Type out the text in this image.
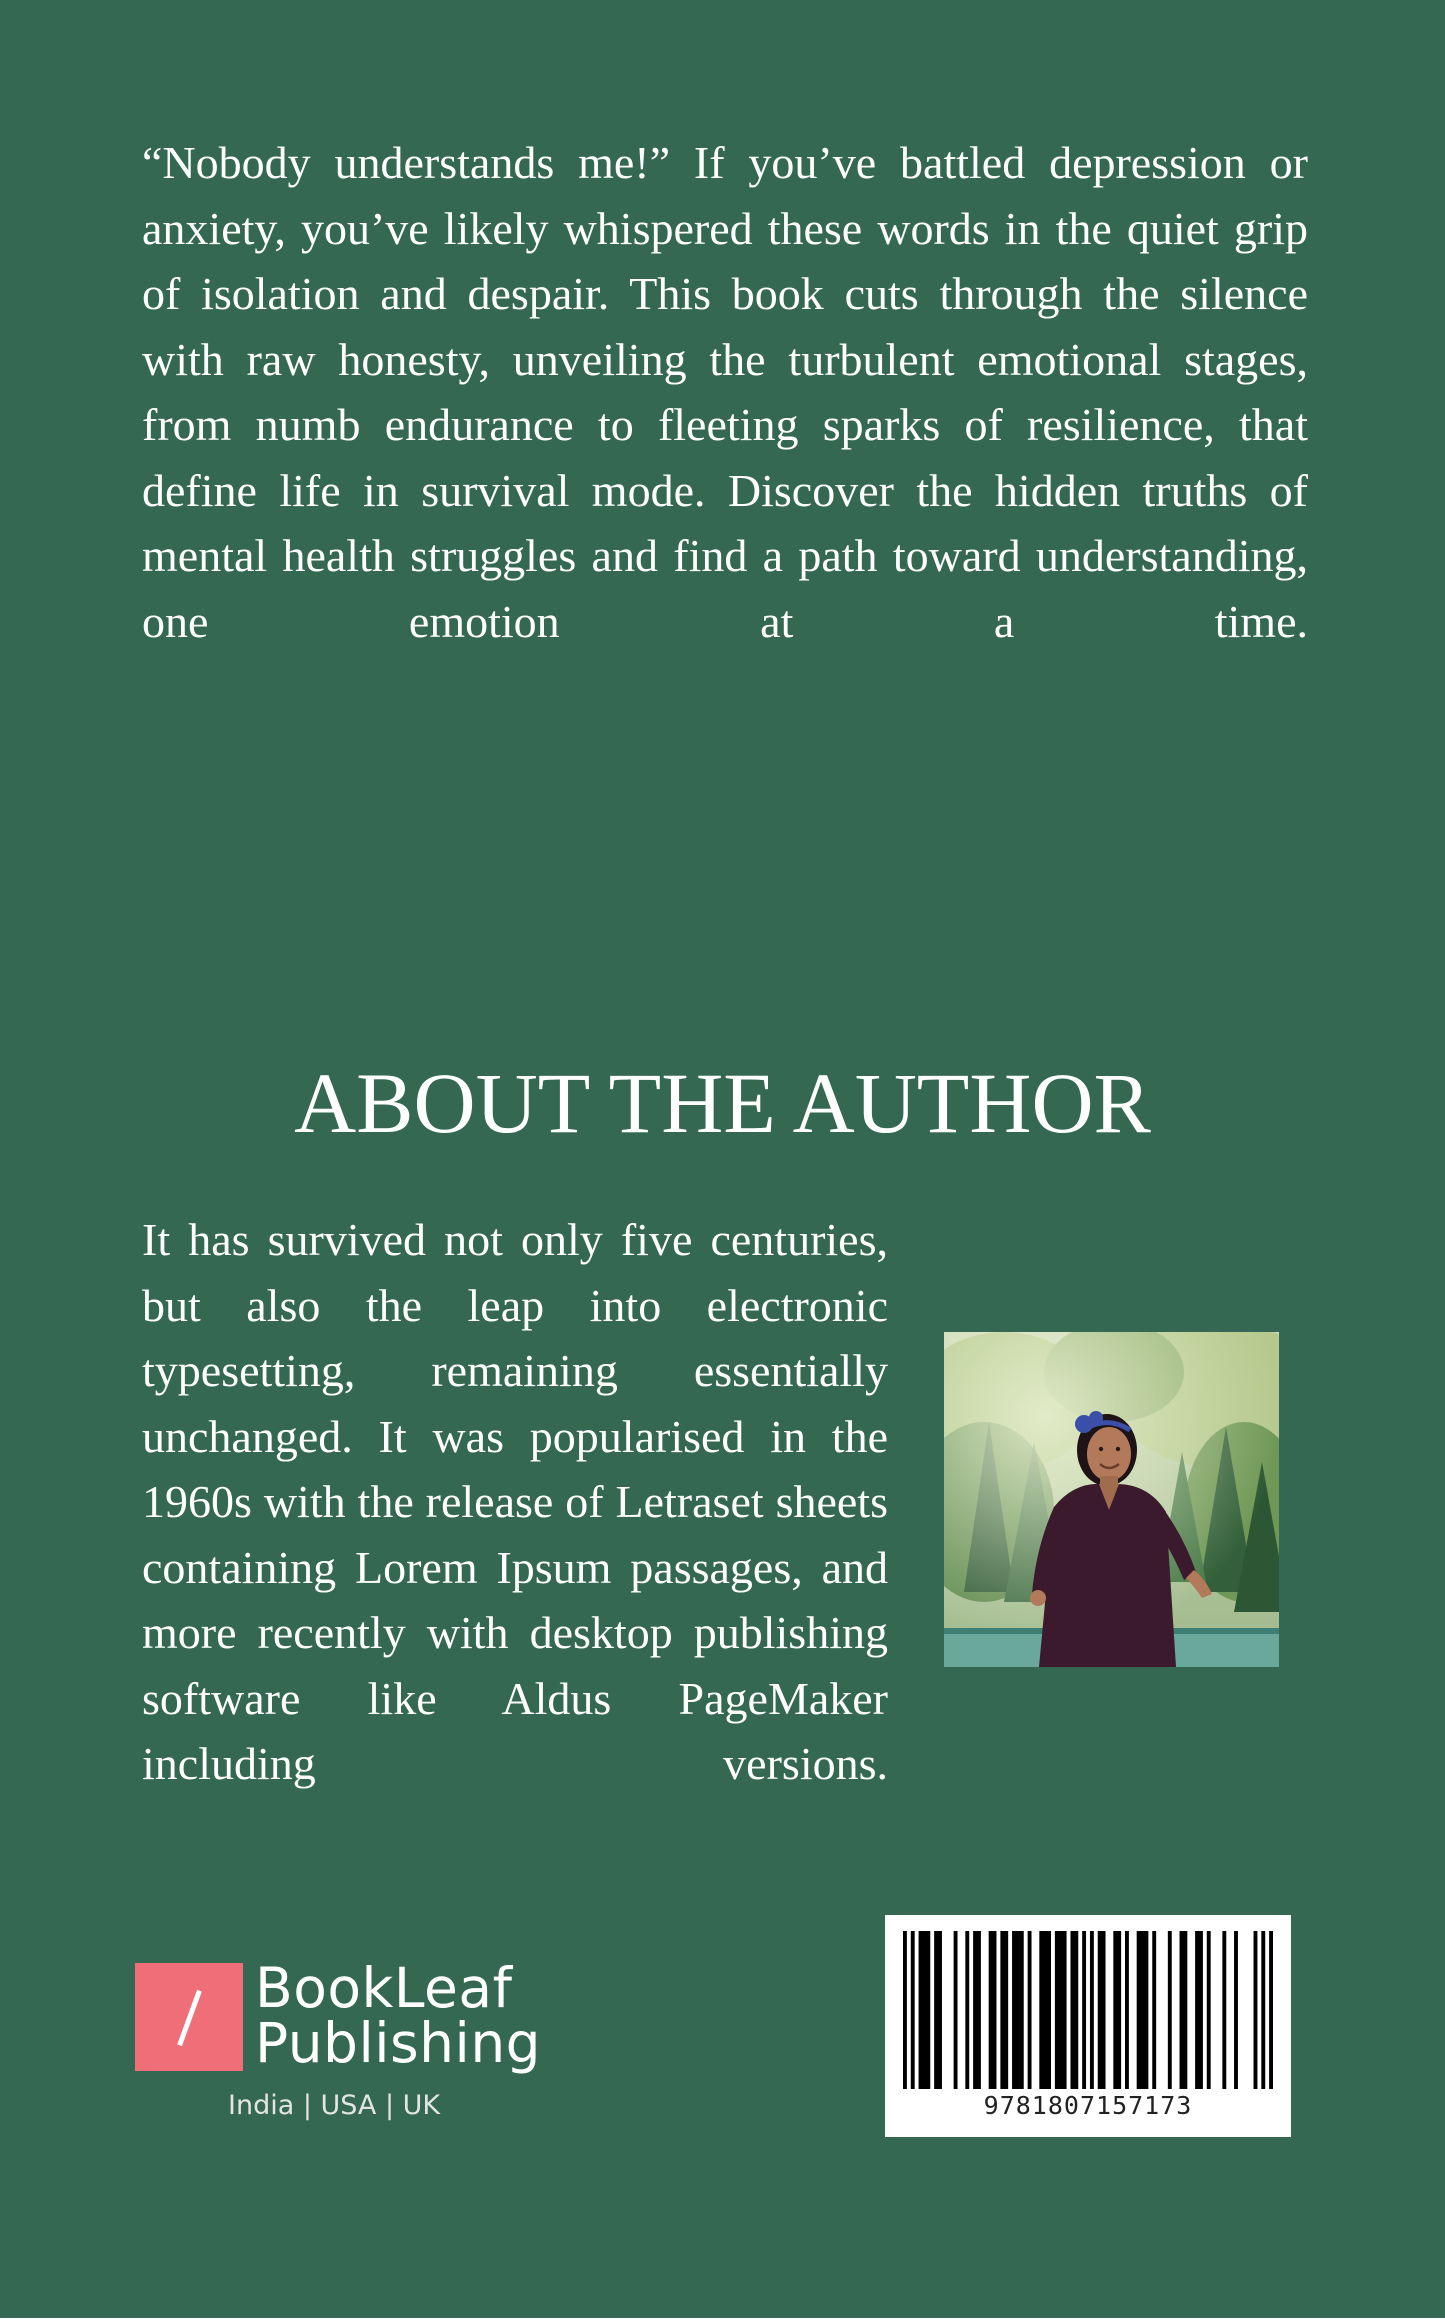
“Nobody understands me!” If you’ve battled depression or anxiety, you’ve likely whispered these words in the quiet grip of isolation and despair. This book cuts through the silence with raw honesty, unveiling the turbulent emotional stages, from numb endurance to fleeting sparks of resilience, that define life in survival mode. Discover the hidden truths of mental health struggles and find a path toward understanding, one emotion at a time.

ABOUT THE AUTHOR

It has survived not only five centuries, but also the leap into electronic typesetting, remaining essentially unchanged. It was popularised in the 1960s with the release of Letraset sheets containing Lorem Ipsum passages, and more recently with desktop publishing software like Aldus PageMaker including versions.

BookLeaf
Publishing
India | USA | UK	9781807157173
